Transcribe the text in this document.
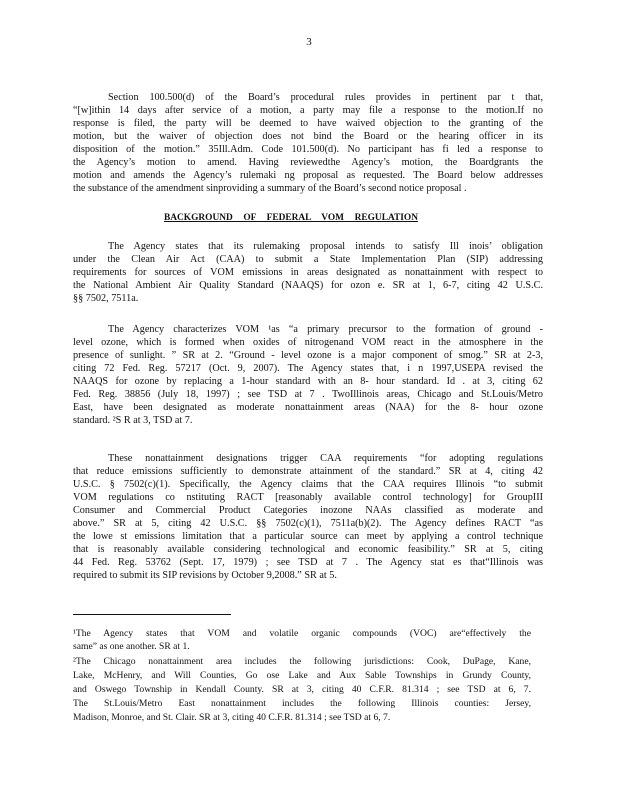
3
Section 100.500(d) of the Board’s procedural rules provides in pertinent par t that,
“[w]ithin 14 days after service of a motion, a party may file a response to the motion.If no
response is filed, the party will be deemed to have waived objection to the granting of the
motion, but the waiver of objection does not bind the Board or the hearing officer in its
disposition of the motion.” 35Ill.Adm. Code 101.500(d). No participant has fi led a response to
the Agency’s motion to amend. Having reviewedthe Agency’s motion, the Boardgrants the
motion and amends the Agency’s rulemaki ng proposal as requested. The Board below addresses
the substance of the amendment sinproviding a summary of the Board’s second notice proposal .
BACKGROUND OF FEDERAL VOM REGULATION
The Agency states that its rulemaking proposal intends to satisfy Ill inois’ obligation
under the Clean Air Act (CAA) to submit a State Implementation Plan (SIP) addressing
requirements for sources of VOM emissions in areas designated as nonattainment with respect to
the National Ambient Air Quality Standard (NAAQS) for ozon e. SR at 1, 6-7, citing 42 U.S.C.
§§ 7502, 7511a.
The Agency characterizes VOM ¹as “a primary precursor to the formation of ground -
level ozone, which is formed when oxides of nitrogenand VOM react in the atmosphere in the
presence of sunlight. ” SR at 2. “Ground - level ozone is a major component of smog.” SR at 2-3,
citing 72 Fed. Reg. 57217 (Oct. 9, 2007). The Agency states that, i n 1997,USEPA revised the
NAAQS for ozone by replacing a 1-hour standard with an 8- hour standard. Id . at 3, citing 62
Fed. Reg. 38856 (July 18, 1997) ; see TSD at 7 . TwoIllinois areas, Chicago and St.Louis/Metro
East, have been designated as moderate nonattainment areas (NAA) for the 8- hour ozone
standard. ²S R at 3, TSD at 7.
These nonattainment designations trigger CAA requirements “for adopting regulations
that reduce emissions sufficiently to demonstrate attainment of the standard.” SR at 4, citing 42
U.S.C. § 7502(c)(1). Specifically, the Agency claims that the CAA requires Illinois “to submit
VOM regulations co nstituting RACT [reasonably available control technology] for GroupIII
Consumer and Commercial Product Categories inozone NAAs classified as moderate and
above.” SR at 5, citing 42 U.S.C. §§ 7502(c)(1), 7511a(b)(2). The Agency defines RACT “as
the lowe st emissions limitation that a particular source can meet by applying a control technique
that is reasonably available considering technological and economic feasibility.” SR at 5, citing
44 Fed. Reg. 53762 (Sept. 17, 1979) ; see TSD at 7 . The Agency stat es that“Illinois was
required to submit its SIP revisions by October 9,2008.” SR at 5.
¹The Agency states that VOM and volatile organic compounds (VOC) are“effectively the
same” as one another. SR at 1.
²The Chicago nonattainment area includes the following jurisdictions: Cook, DuPage, Kane,
Lake, McHenry, and Will Counties, Go ose Lake and Aux Sable Townships in Grundy County,
and Oswego Township in Kendall County. SR at 3, citing 40 C.F.R. 81.314 ; see TSD at 6, 7.
The St.Louis/Metro East nonattainment includes the following Illinois counties: Jersey,
Madison, Monroe, and St. Clair. SR at 3, citing 40 C.F.R. 81.314 ; see TSD at 6, 7.
